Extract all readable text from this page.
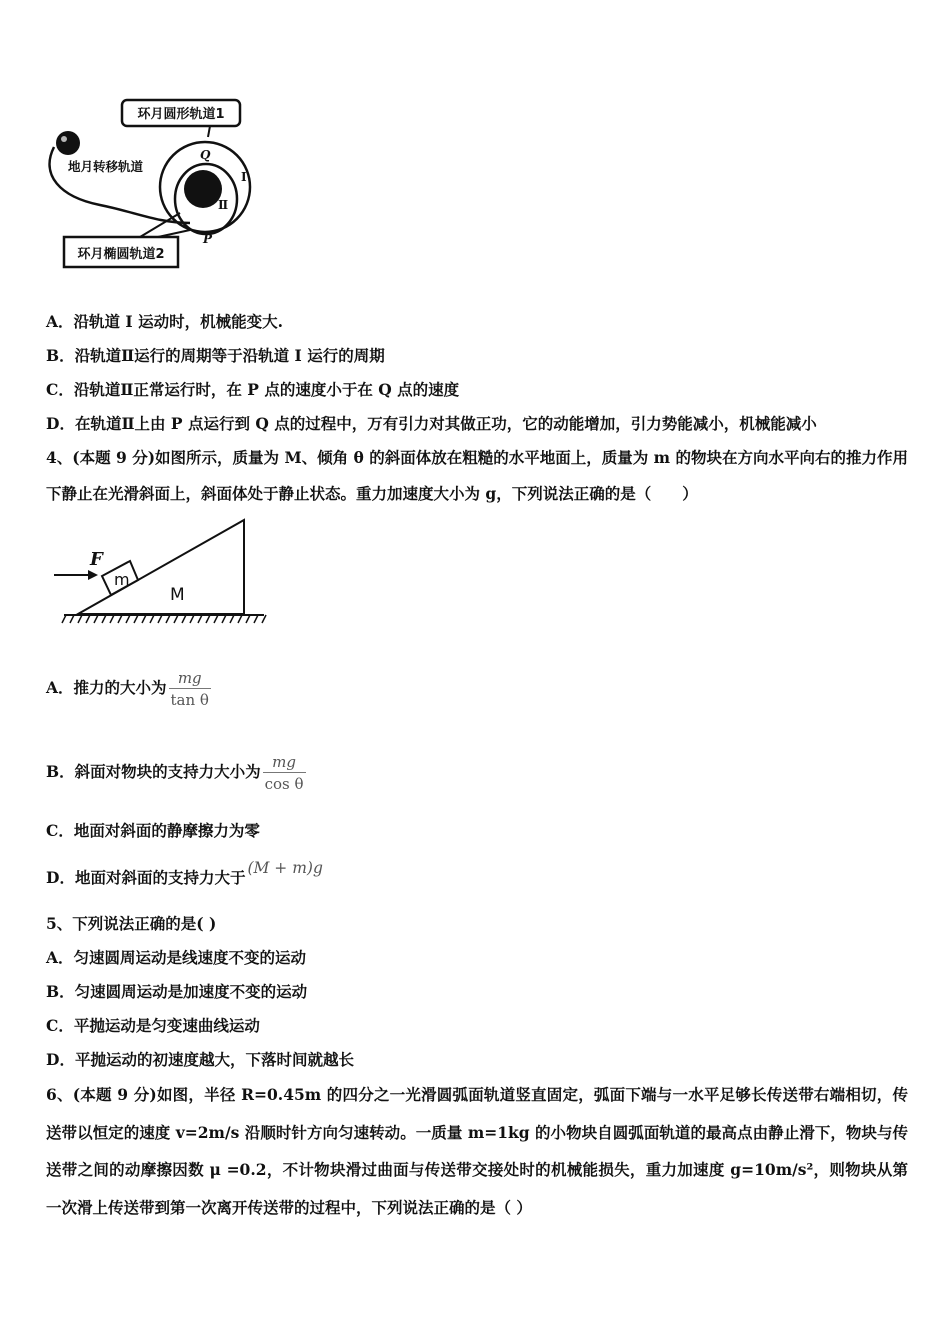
环月圆形轨道1
地月转移轨道
Q
I
Ⅱ
P
环月椭圆轨道2
A．沿轨道 I 运动时，机械能变大.
B．沿轨道Ⅱ运行的周期等于沿轨道 I 运行的周期
C．沿轨道Ⅱ正常运行时，在 P 点的速度小于在 Q 点的速度
D．在轨道Ⅱ上由 P 点运行到 Q 点的过程中，万有引力对其做正功，它的动能增加，引力势能减小，机械能减小
4、(本题 9 分)如图所示，质量为 M、倾角 θ 的斜面体放在粗糙的水平地面上，质量为 m 的物块在方向水平向右的推力作用下静止在光滑斜面上，斜面体处于静止状态。重力加速度大小为 g，下列说法正确的是（　　）
M
m
F
A．推力的大小为 $\frac{mg}{\text{tan θ}}$
B．斜面对物块的支持力大小为 $\frac{mg}{\text{cos θ}}$
C．地面对斜面的静摩擦力为零
D．地面对斜面的支持力大于 (M + m)g
5、下列说法正确的是( )
A．匀速圆周运动是线速度不变的运动
B．匀速圆周运动是加速度不变的运动
C．平抛运动是匀变速曲线运动
D．平抛运动的初速度越大，下落时间就越长
6、(本题 9 分)如图，半径 R=0.45m 的四分之一光滑圆弧面轨道竖直固定，弧面下端与一水平足够长传送带右端相切，传送带以恒定的速度 v=2m/s 沿顺时针方向匀速转动。一质量 m=1kg 的小物块自圆弧面轨道的最高点由静止滑下，物块与传送带之间的动摩擦因数 μ =0.2，不计物块滑过曲面与传送带交接处时的机械能损失，重力加速度 g=10m/s²，则物块从第一次滑上传送带到第一次离开传送带的过程中，下列说法正确的是（ ）
